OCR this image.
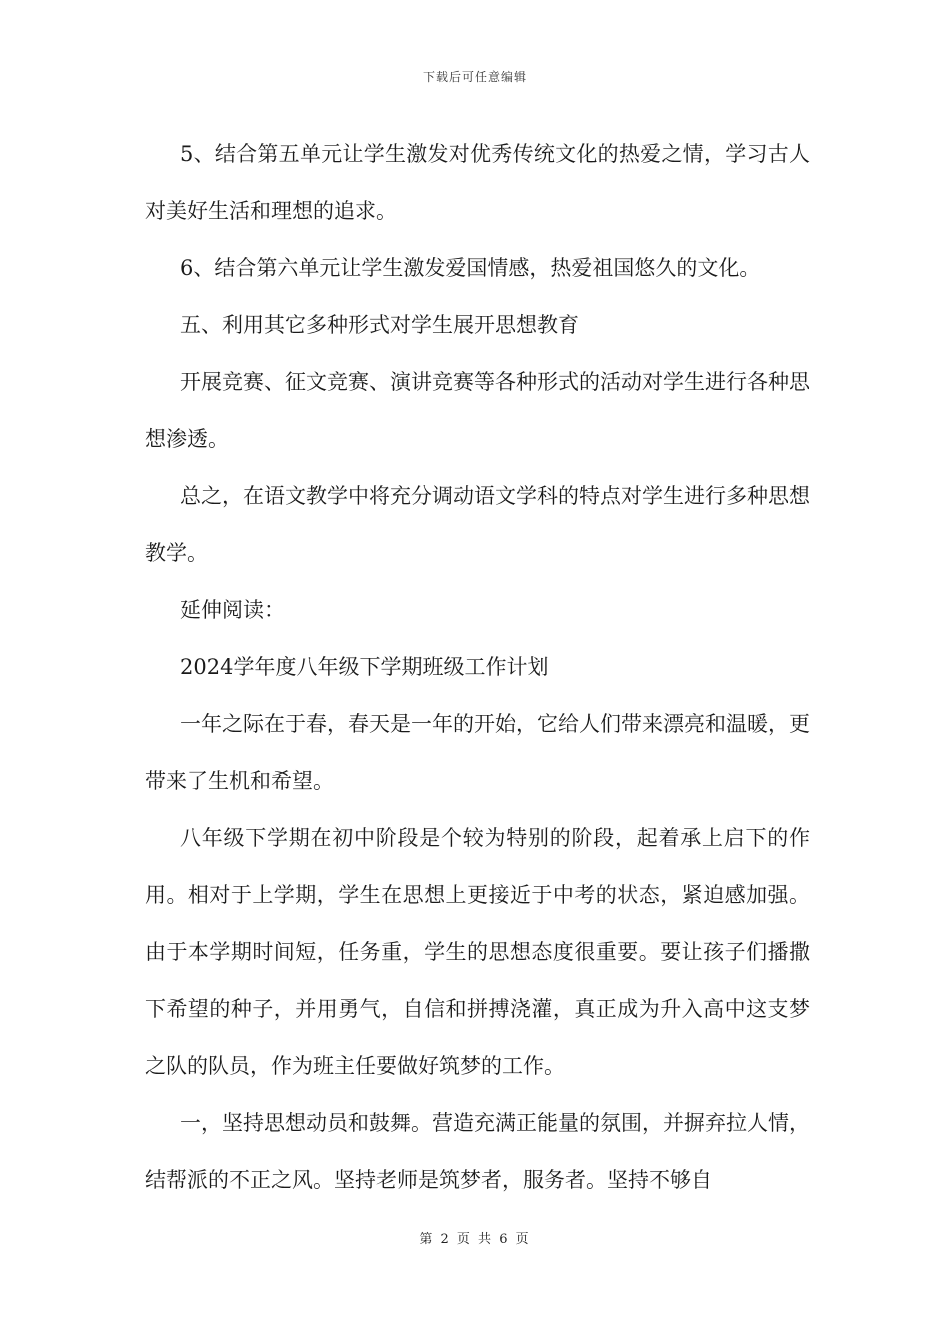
下载后可任意编辑

5、结合第五单元让学生激发对优秀传统文化的热爱之情，学习古人对美好生活和理想的追求。

6、结合第六单元让学生激发爱国情感，热爱祖国悠久的文化。

五、利用其它多种形式对学生展开思想教育

开展竞赛、征文竞赛、演讲竞赛等各种形式的活动对学生进行各种思想渗透。

总之，在语文教学中将充分调动语文学科的特点对学生进行多种思想教学。

延伸阅读：

2024学年度八年级下学期班级工作计划

一年之际在于春，春天是一年的开始，它给人们带来漂亮和温暖，更带来了生机和希望。

八年级下学期在初中阶段是个较为特别的阶段，起着承上启下的作用。相对于上学期，学生在思想上更接近于中考的状态，紧迫感加强。由于本学期时间短，任务重，学生的思想态度很重要。要让孩子们播撒下希望的种子，并用勇气，自信和拼搏浇灌，真正成为升入高中这支梦之队的队员，作为班主任要做好筑梦的工作。

一，坚持思想动员和鼓舞。营造充满正能量的氛围，并摒弃拉人情，结帮派的不正之风。坚持老师是筑梦者，服务者。坚持不够自

第 2 页 共 6 页
